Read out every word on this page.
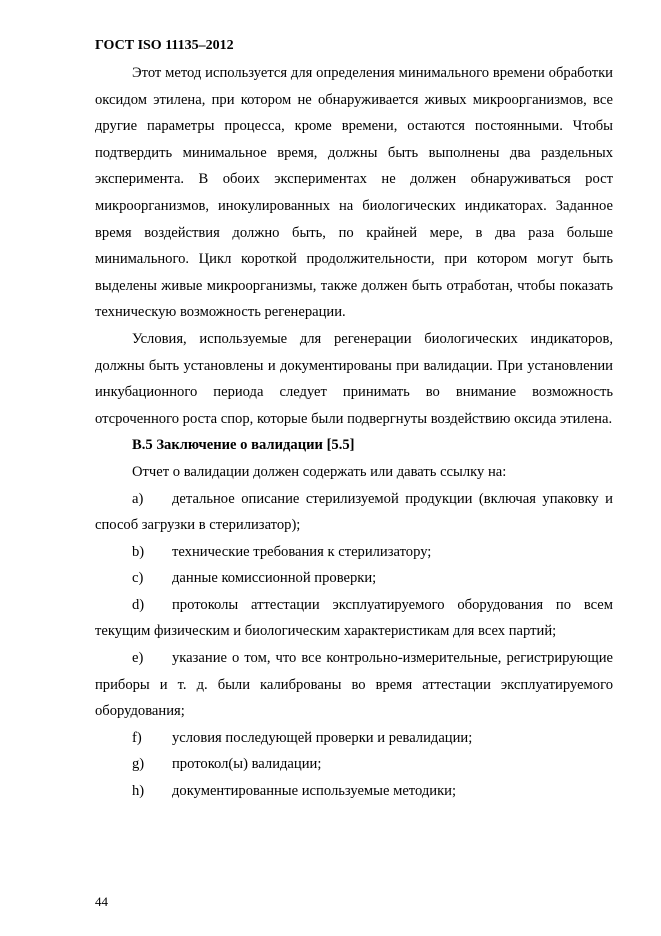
ГОСТ ISO 11135–2012

Этот метод используется для определения минимального времени обработки оксидом этилена, при котором не обнаруживается живых микроорганизмов, все другие параметры процесса, кроме времени, остаются постоянными. Чтобы подтвердить минимальное время, должны быть выполнены два раздельных эксперимента. В обоих экспериментах не должен обнаруживаться рост микроорганизмов, инокулированных на биологических индикаторах. Заданное время воздействия должно быть, по крайней мере, в два раза больше минимального. Цикл короткой продолжительности, при котором могут быть выделены живые микроорганизмы, также должен быть отработан, чтобы показать техническую возможность регенерации.

Условия, используемые для регенерации биологических индикаторов, должны быть установлены и документированы при валидации. При установлении инкубационного периода следует принимать во внимание возможность отсроченного роста спор, которые были подвергнуты воздействию оксида этилена.

В.5 Заключение о валидации [5.5]

Отчет о валидации должен содержать или давать ссылку на:

a) детальное описание стерилизуемой продукции (включая упаковку и способ загрузки в стерилизатор);

b) технические требования к стерилизатору;

c) данные комиссионной проверки;

d) протоколы аттестации эксплуатируемого оборудования по всем текущим физическим и биологическим характеристикам для всех партий;

e) указание о том, что все контрольно-измерительные, регистрирующие приборы и т. д. были калиброваны во время аттестации эксплуатируемого оборудования;

f) условия последующей проверки и ревалидации;

g) протокол(ы) валидации;

h) документированные используемые методики;

44
